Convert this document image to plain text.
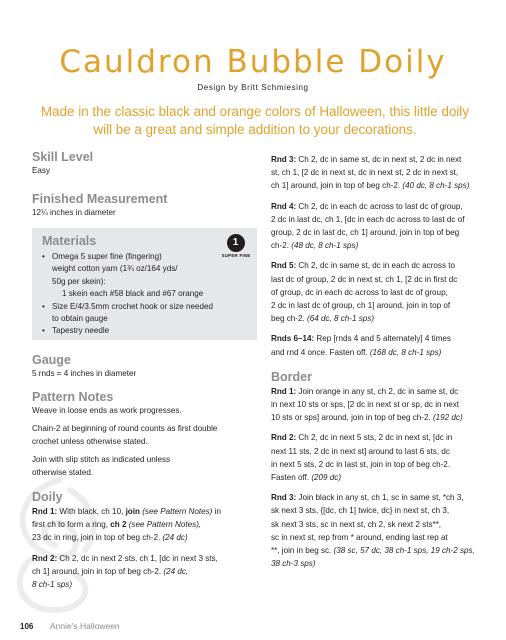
Cauldron Bubble Doily
Design by Britt Schmiesing
Made in the classic black and orange colors of Halloween, this little doily will be a great and simple addition to your decorations.
Skill Level
Easy
Finished Measurement
12¼ inches in diameter
Materials	1
SUPER FINE
• Omega 5 super fine (fingering)
weight cotton yarn (1¾ oz/164 yds/
50g per skein):
1 skein each #58 black and #67 orange
• Size E/4/3.5mm crochet hook or size needed
to obtain gauge
• Tapestry needle
Gauge
5 rnds = 4 inches in diameter
Pattern Notes
Weave in loose ends as work progresses.
Chain-2 at beginning of round counts as first double
crochet unless otherwise stated.
Join with slip stitch as indicated unless
otherwise stated.
Doily
Rnd 1: With black, ch 10, join (see Pattern Notes) in
first ch to form a ring, ch 2 (see Pattern Notes),
23 dc in ring, join in top of beg ch-2. (24 dc)
Rnd 2: Ch 2, dc in next 2 sts, ch 1, [dc in next 3 sts,
ch 1] around, join in top of beg ch-2. (24 dc,
8 ch-1 sps)
Rnd 3: Ch 2, dc in same st, dc in next st, 2 dc in next
st, ch 1, [2 dc in next st, dc in next st, 2 dc in next st,
ch 1] around, join in top of beg ch-2. (40 dc, 8 ch-1 sps)
Rnd 4: Ch 2, dc in each dc across to last dc of group,
2 dc in last dc, ch 1, [dc in each dc across to last dc of
group, 2 dc in last dc, ch 1] around, join in top of beg
ch-2. (48 dc, 8 ch-1 sps)
Rnd 5: Ch 2, dc in same st, dc in each dc across to
last dc of group, 2 dc in next st, ch 1, [2 dc in first dc
of group, dc in each dc across to last dc of group,
2 dc in last dc of group, ch 1] around, join in top of
beg ch-2. (64 dc, 8 ch-1 sps)
Rnds 6–14: Rep [rnds 4 and 5 alternately] 4 times
and rnd 4 once. Fasten off. (168 dc, 8 ch-1 sps)
Border
Rnd 1: Join orange in any st, ch 2, dc in same st, dc
in next 10 sts or sps, [2 dc in next st or sp, dc in next
10 sts or sps] around, join in top of beg ch-2. (192 dc)
Rnd 2: Ch 2, dc in next 5 sts, 2 dc in next st, [dc in
next 11 sts, 2 dc in next st] around to last 6 sts, dc
in next 5 sts, 2 dc in last st, join in top of beg ch-2.
Fasten off. (209 dc)
Rnd 3: Join black in any st, ch 1, sc in same st, *ch 3,
sk next 3 sts, {[dc, ch 1] twice, dc} in next st, ch 3,
sk next 3 sts, sc in next st, ch 2, sk next 2 sts**,
sc in next st, rep from * around, ending last rep at
**, join in beg sc. (38 sc, 57 dc, 38 ch-1 sps, 19 ch-2 sps,
38 ch-3 sps)
106 Annie's Halloween
